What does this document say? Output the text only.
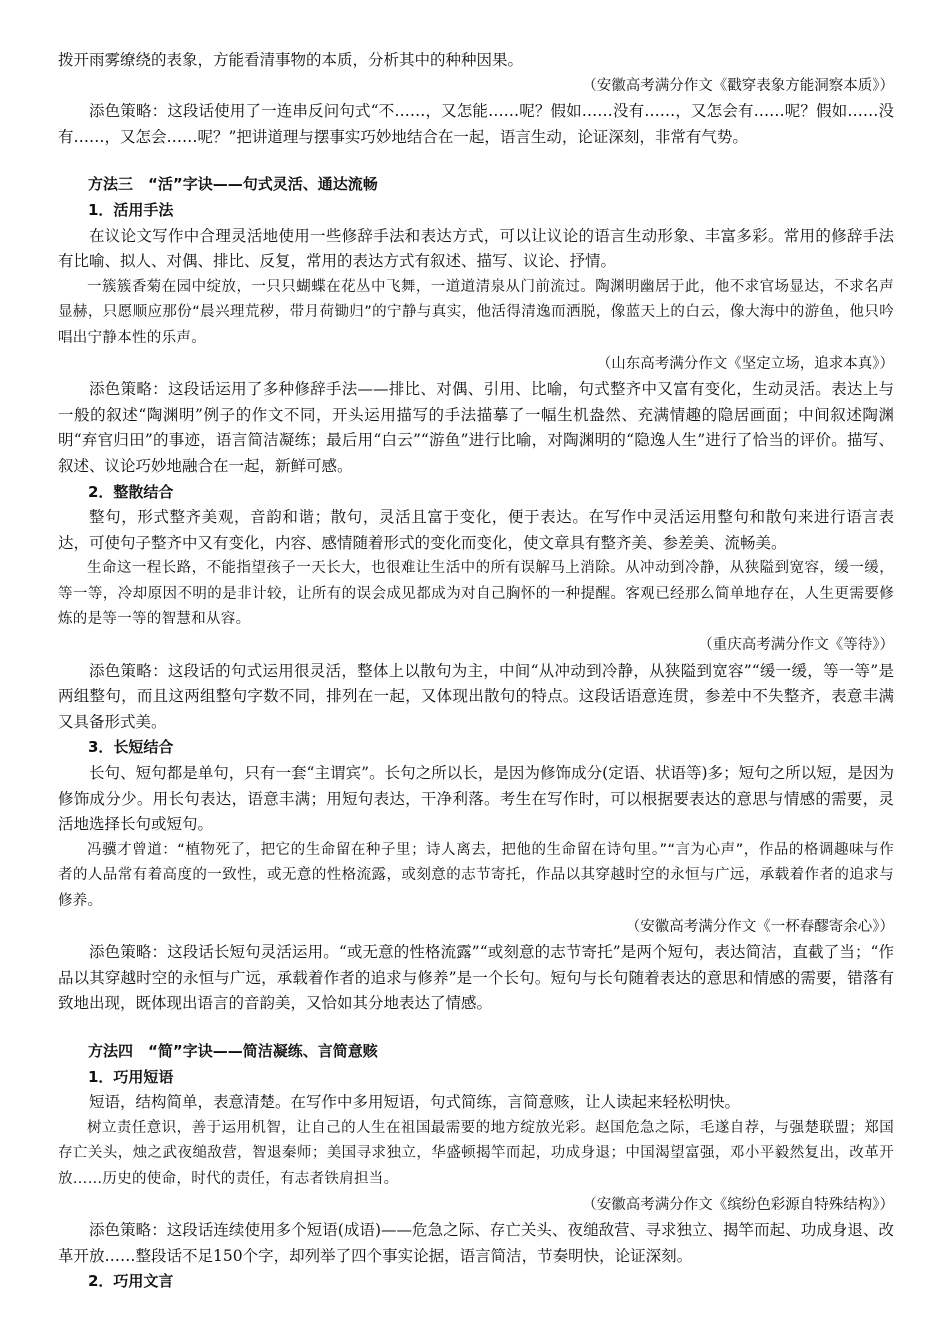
拨开雨雾缭绕的表象，方能看清事物的本质，分析其中的种种因果。

（安徽高考满分作文《戳穿表象方能洞察本质》）

添色策略：这段话使用了一连串反问句式“不……，又怎能……呢？假如……没有……，又怎会有……呢？假如……没有……，又怎会……呢？”把讲道理与摆事实巧妙地结合在一起，语言生动，论证深刻，非常有气势。

方法三　“活”字诀——句式灵活、通达流畅

1．活用手法

在议论文写作中合理灵活地使用一些修辞手法和表达方式，可以让议论的语言生动形象、丰富多彩。常用的修辞手法有比喻、拟人、对偶、排比、反复，常用的表达方式有叙述、描写、议论、抒情。

一簇簇香菊在园中绽放，一只只蝴蝶在花丛中飞舞，一道道清泉从门前流过。陶渊明幽居于此，他不求官场显达，不求名声显赫，只愿顺应那份“晨兴理荒秽，带月荷锄归”的宁静与真实，他活得清逸而洒脱，像蓝天上的白云，像大海中的游鱼，他只吟唱出宁静本性的乐声。

（山东高考满分作文《坚定立场，追求本真》）

添色策略：这段话运用了多种修辞手法——排比、对偶、引用、比喻，句式整齐中又富有变化，生动灵活。表达上与一般的叙述“陶渊明”例子的作文不同，开头运用描写的手法描摹了一幅生机盎然、充满情趣的隐居画面；中间叙述陶渊明“弃官归田”的事迹，语言简洁凝练；最后用“白云”“游鱼”进行比喻，对陶渊明的“隐逸人生”进行了恰当的评价。描写、叙述、议论巧妙地融合在一起，新鲜可感。

2．整散结合

整句，形式整齐美观，音韵和谐；散句，灵活且富于变化，便于表达。在写作中灵活运用整句和散句来进行语言表达，可使句子整齐中又有变化，内容、感情随着形式的变化而变化，使文章具有整齐美、参差美、流畅美。

生命这一程长路，不能指望孩子一天长大，也很难让生活中的所有误解马上消除。从冲动到冷静，从狭隘到宽容，缓一缓，等一等，冷却原因不明的是非计较，让所有的误会成见都成为对自己胸怀的一种提醒。客观已经那么简单地存在，人生更需要修炼的是等一等的智慧和从容。

（重庆高考满分作文《等待》）

添色策略：这段话的句式运用很灵活，整体上以散句为主，中间“从冲动到冷静，从狭隘到宽容”“缓一缓，等一等”是两组整句，而且这两组整句字数不同，排列在一起，又体现出散句的特点。这段话语意连贯，参差中不失整齐，表意丰满又具备形式美。

3．长短结合

长句、短句都是单句，只有一套“主谓宾”。长句之所以长，是因为修饰成分(定语、状语等)多；短句之所以短，是因为修饰成分少。用长句表达，语意丰满；用短句表达，干净利落。考生在写作时，可以根据要表达的意思与情感的需要，灵活地选择长句或短句。

冯骥才曾道：“植物死了，把它的生命留在种子里；诗人离去，把他的生命留在诗句里。”“言为心声”，作品的格调趣味与作者的人品常有着高度的一致性，或无意的性格流露，或刻意的志节寄托，作品以其穿越时空的永恒与广远，承载着作者的追求与修养。

（安徽高考满分作文《一杯春醪寄余心》）

添色策略：这段话长短句灵活运用。“或无意的性格流露”“或刻意的志节寄托”是两个短句，表达简洁，直截了当；“作品以其穿越时空的永恒与广远，承载着作者的追求与修养”是一个长句。短句与长句随着表达的意思和情感的需要，错落有致地出现，既体现出语言的音韵美，又恰如其分地表达了情感。

方法四　“简”字诀——简洁凝练、言简意赅

1．巧用短语

短语，结构简单，表意清楚。在写作中多用短语，句式简练，言简意赅，让人读起来轻松明快。

树立责任意识，善于运用机智，让自己的人生在祖国最需要的地方绽放光彩。赵国危急之际，毛遂自荐，与强楚联盟；郑国存亡关头，烛之武夜缒敌营，智退秦师；美国寻求独立，华盛顿揭竿而起，功成身退；中国渴望富强，邓小平毅然复出，改革开放……历史的使命，时代的责任，有志者铁肩担当。

（安徽高考满分作文《缤纷色彩源自特殊结构》）

添色策略：这段话连续使用多个短语(成语)——危急之际、存亡关头、夜缒敌营、寻求独立、揭竿而起、功成身退、改革开放……整段话不足150个字，却列举了四个事实论据，语言简洁，节奏明快，论证深刻。

2．巧用文言
